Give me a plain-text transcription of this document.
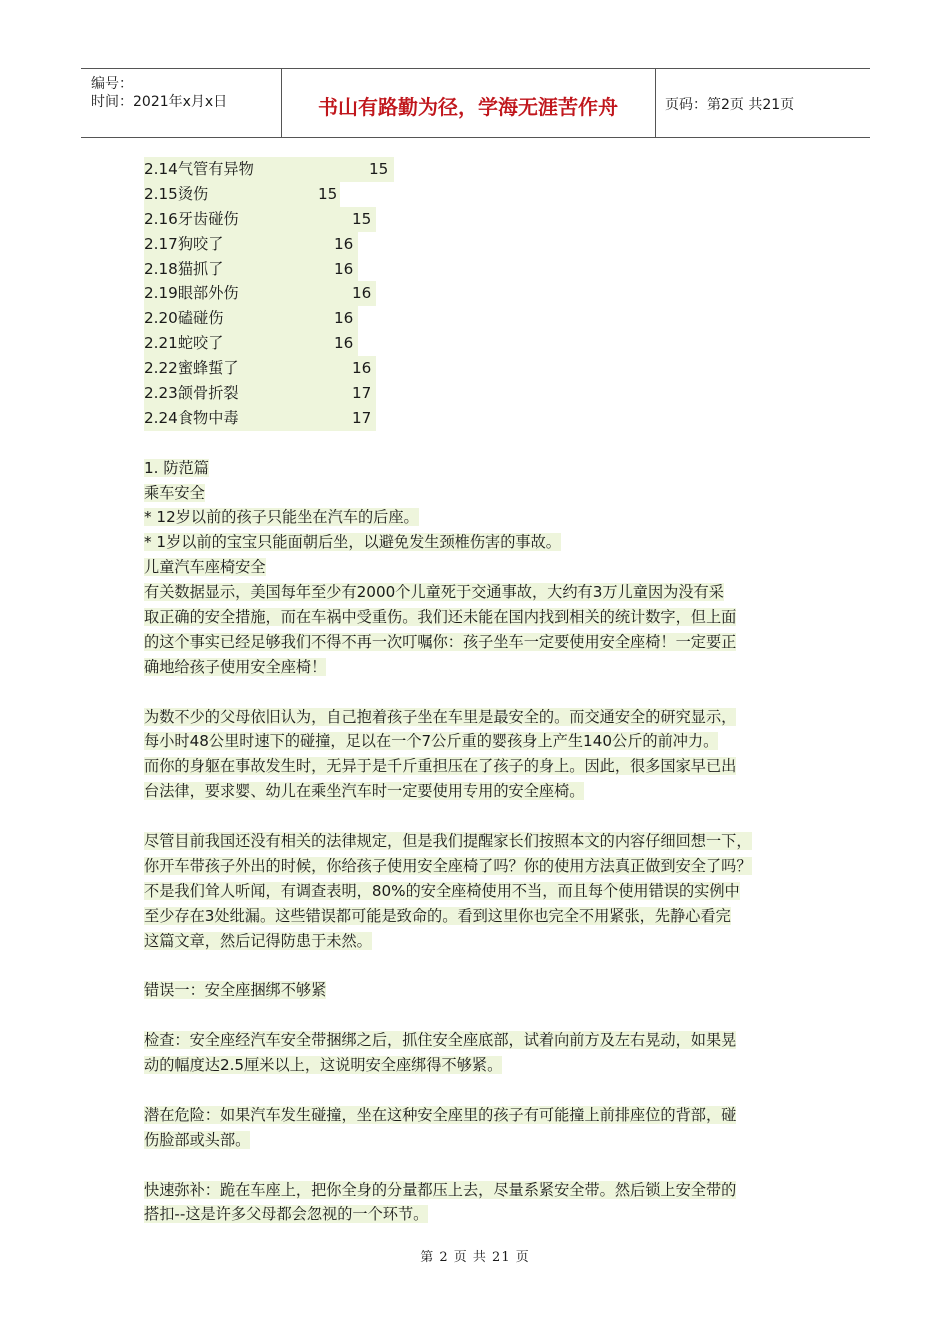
编号：
时间：2021年x月x日	书山有路勤为径，学海无涯苦作舟	页码：第2页 共21页
2.14气管有异物	15
2.15烫伤	15
2.16牙齿碰伤	15
2.17狗咬了	16
2.18猫抓了	16
2.19眼部外伤	16
2.20磕碰伤	16
2.21蛇咬了	16
2.22蜜蜂蜇了	16
2.23颌骨折裂	17
2.24食物中毒	17
1. 防范篇
乘车安全
* 12岁以前的孩子只能坐在汽车的后座。
* 1岁以前的宝宝只能面朝后坐，以避免发生颈椎伤害的事故。
儿童汽车座椅安全
有关数据显示，美国每年至少有2000个儿童死于交通事故，大约有3万儿童因为没有采
取正确的安全措施，而在车祸中受重伤。我们还未能在国内找到相关的统计数字，但上面
的这个事实已经足够我们不得不再一次叮嘱你：孩子坐车一定要使用安全座椅！一定要正
确地给孩子使用安全座椅！
为数不少的父母依旧认为，自己抱着孩子坐在车里是最安全的。而交通安全的研究显示，
每小时48公里时速下的碰撞，足以在一个7公斤重的婴孩身上产生140公斤的前冲力。
而你的身躯在事故发生时，无异于是千斤重担压在了孩子的身上。因此，很多国家早已出
台法律，要求婴、幼儿在乘坐汽车时一定要使用专用的安全座椅。
尽管目前我国还没有相关的法律规定，但是我们提醒家长们按照本文的内容仔细回想一下，
你开车带孩子外出的时候，你给孩子使用安全座椅了吗？你的使用方法真正做到安全了吗？
不是我们耸人听闻，有调查表明，80%的安全座椅使用不当，而且每个使用错误的实例中
至少存在3处纰漏。这些错误都可能是致命的。看到这里你也完全不用紧张，先静心看完
这篇文章，然后记得防患于未然。
错误一：安全座捆绑不够紧
检查：安全座经汽车安全带捆绑之后，抓住安全座底部，试着向前方及左右晃动，如果晃
动的幅度达2.5厘米以上，这说明安全座绑得不够紧。
潜在危险：如果汽车发生碰撞，坐在这种安全座里的孩子有可能撞上前排座位的背部，碰
伤脸部或头部。
快速弥补：跪在车座上，把你全身的分量都压上去，尽量系紧安全带。然后锁上安全带的
搭扣--这是许多父母都会忽视的一个环节。
第 2 页 共 21 页
